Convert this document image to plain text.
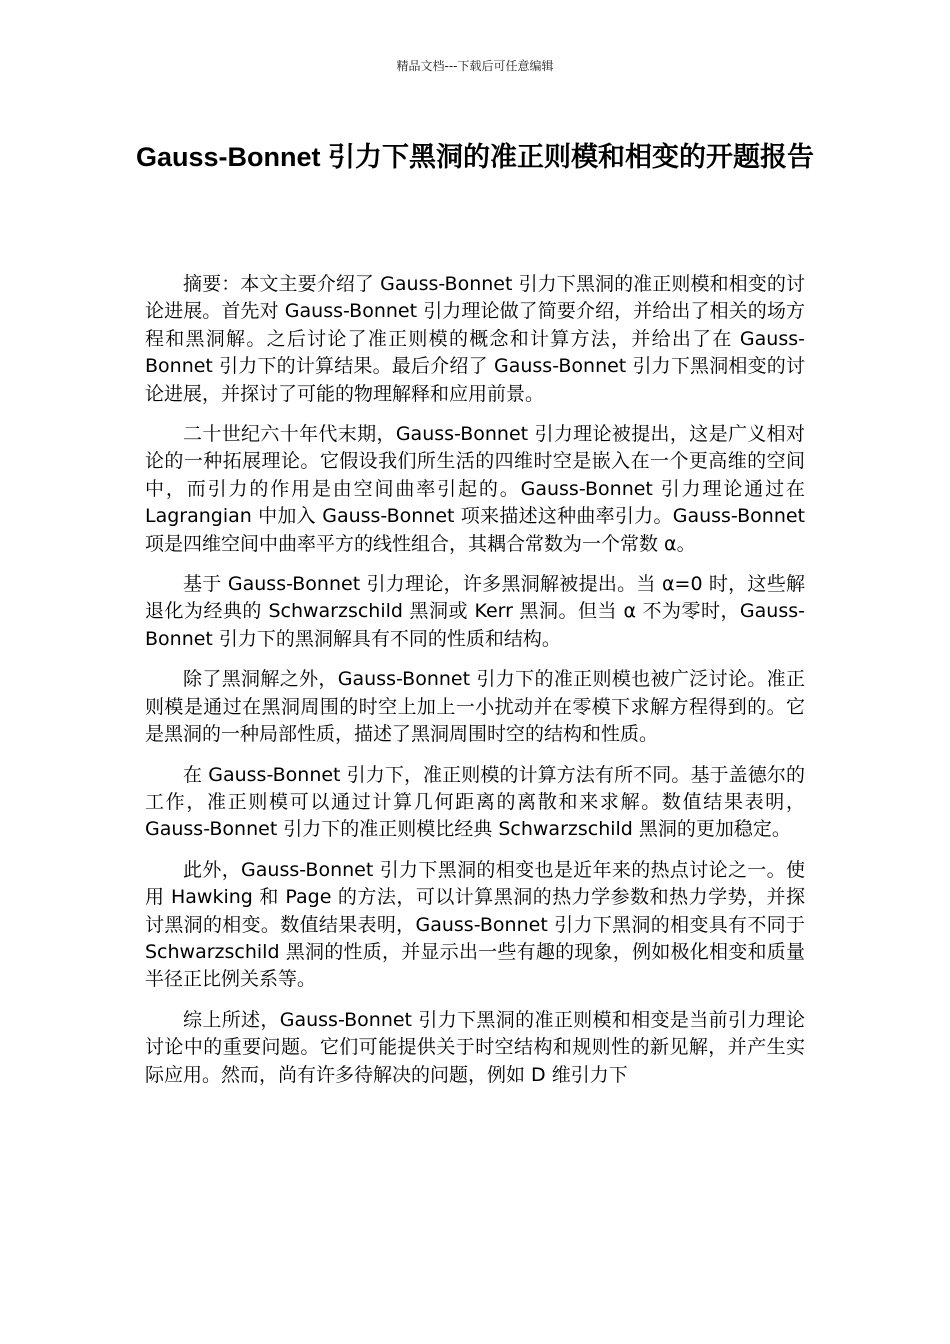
精品文档---下载后可任意编辑
Gauss-Bonnet 引力下黑洞的准正则模和相变的开题报告

摘要：本文主要介绍了 Gauss-Bonnet 引力下黑洞的准正则模和相变的讨论进展。首先对 Gauss-Bonnet 引力理论做了简要介绍，并给出了相关的场方程和黑洞解。之后讨论了准正则模的概念和计算方法，并给出了在 Gauss-Bonnet 引力下的计算结果。最后介绍了 Gauss-Bonnet 引力下黑洞相变的讨论进展，并探讨了可能的物理解释和应用前景。

二十世纪六十年代末期，Gauss-Bonnet 引力理论被提出，这是广义相对论的一种拓展理论。它假设我们所生活的四维时空是嵌入在一个更高维的空间中，而引力的作用是由空间曲率引起的。Gauss-Bonnet 引力理论通过在 Lagrangian 中加入 Gauss-Bonnet 项来描述这种曲率引力。Gauss-Bonnet 项是四维空间中曲率平方的线性组合，其耦合常数为一个常数 α。

基于 Gauss-Bonnet 引力理论，许多黑洞解被提出。当 α=0 时，这些解退化为经典的 Schwarzschild 黑洞或 Kerr 黑洞。但当 α 不为零时，Gauss-Bonnet 引力下的黑洞解具有不同的性质和结构。

除了黑洞解之外，Gauss-Bonnet 引力下的准正则模也被广泛讨论。准正则模是通过在黑洞周围的时空上加上一小扰动并在零模下求解方程得到的。它是黑洞的一种局部性质，描述了黑洞周围时空的结构和性质。

在 Gauss-Bonnet 引力下，准正则模的计算方法有所不同。基于盖德尔的工作，准正则模可以通过计算几何距离的离散和来求解。数值结果表明，Gauss-Bonnet 引力下的准正则模比经典 Schwarzschild 黑洞的更加稳定。

此外，Gauss-Bonnet 引力下黑洞的相变也是近年来的热点讨论之一。使用 Hawking 和 Page 的方法，可以计算黑洞的热力学参数和热力学势，并探讨黑洞的相变。数值结果表明，Gauss-Bonnet 引力下黑洞的相变具有不同于 Schwarzschild 黑洞的性质，并显示出一些有趣的现象，例如极化相变和质量半径正比例关系等。

综上所述，Gauss-Bonnet 引力下黑洞的准正则模和相变是当前引力理论讨论中的重要问题。它们可能提供关于时空结构和规则性的新见解，并产生实际应用。然而，尚有许多待解决的问题，例如 D 维引力下
